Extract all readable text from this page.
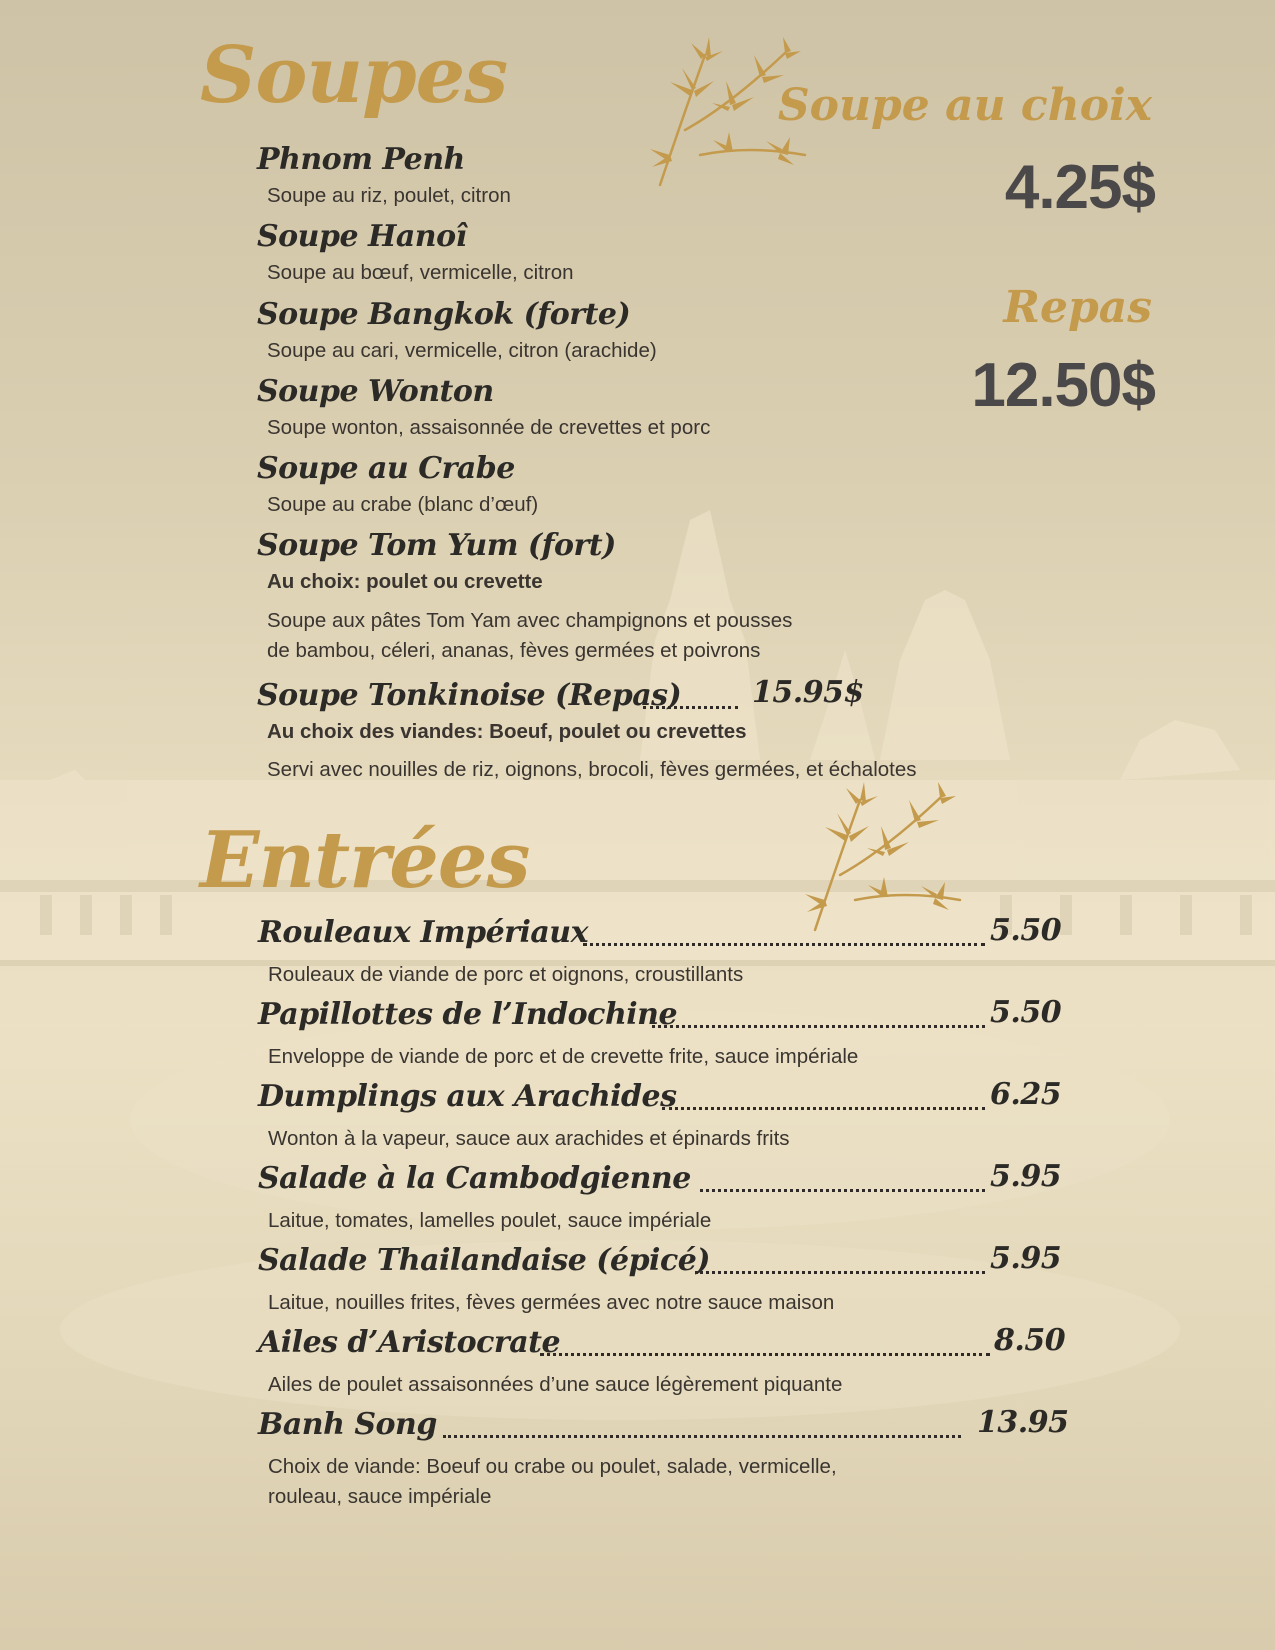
Soupes	Soupe au choix
4.25$
Repas
12.50$
Phnom Penh
Soupe au riz, poulet, citron
Soupe Hanoî
Soupe au bœuf, vermicelle, citron
Soupe Bangkok (forte)
Soupe au cari, vermicelle, citron (arachide)
Soupe Wonton
Soupe wonton, assaisonnée de crevettes et porc
Soupe au Crabe
Soupe au crabe (blanc d’œuf)
Soupe Tom Yum (fort)
Au choix: poulet ou crevette
Soupe aux pâtes Tom Yam avec champignons et pousses
de bambou, céleri, ananas, fèves germées et poivrons
Soupe Tonkinoise (Repas) 15.95$
Au choix des viandes: Boeuf, poulet ou crevettes
Servi avec nouilles de riz, oignons, brocoli, fèves germées, et échalotes
Entrées
Rouleaux Impériaux	5.50
Rouleaux de viande de porc et oignons, croustillants
Papillottes de l’Indochine	5.50
Enveloppe de viande de porc et de crevette frite, sauce impériale
Dumplings aux Arachides	6.25
Wonton à la vapeur, sauce aux arachides et épinards frits
Salade à la Cambodgienne	5.95
Laitue, tomates, lamelles poulet, sauce impériale
Salade Thailandaise (épicé)	5.95
Laitue, nouilles frites, fèves germées avec notre sauce maison
Ailes d’Aristocrate	8.50
Ailes de poulet assaisonnées d’une sauce légèrement piquante
Banh Song	13.95
Choix de viande: Boeuf ou crabe ou poulet, salade, vermicelle,
rouleau, sauce impériale
